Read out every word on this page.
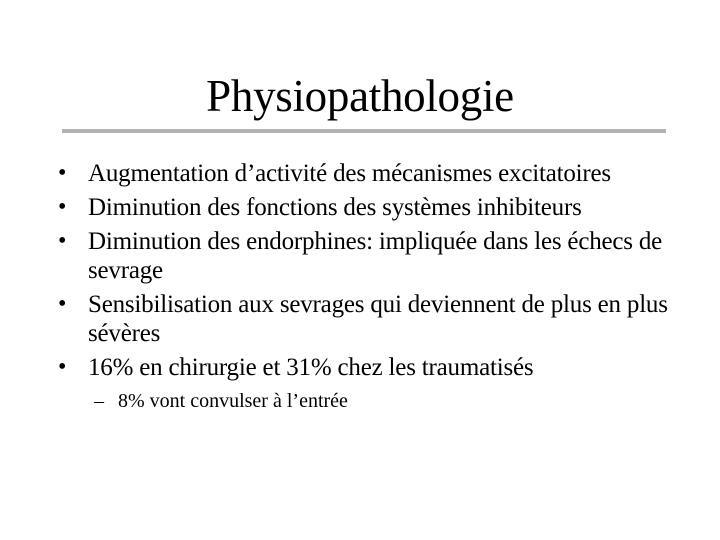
Physiopathologie
• Augmentation d’activité des mécanismes excitatoires
• Diminution des fonctions des systèmes inhibiteurs
• Diminution des endorphines: impliquée dans les échecs de sevrage
• Sensibilisation aux sevrages qui deviennent de plus en plus sévères
• 16% en chirurgie et 31% chez les traumatisés
– 8% vont convulser à l’entrée
